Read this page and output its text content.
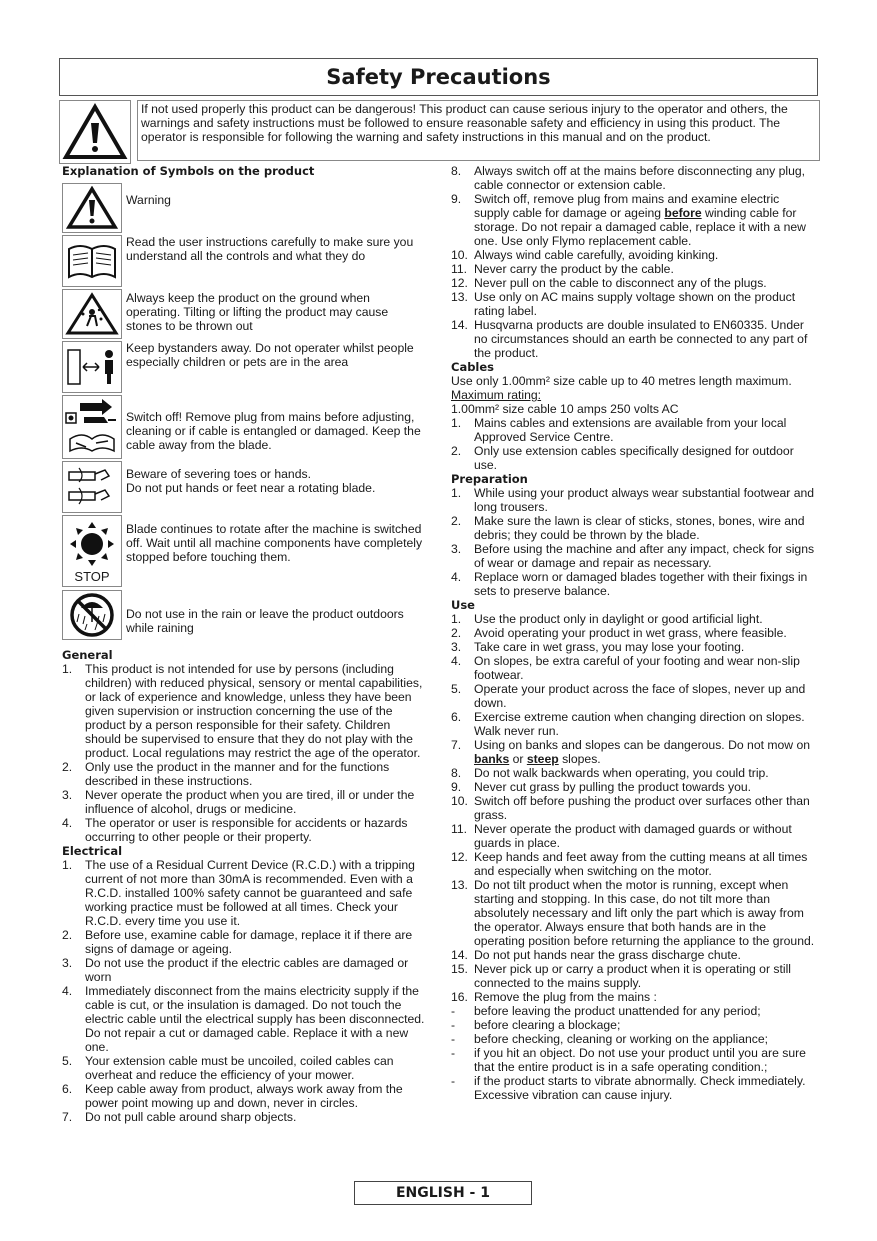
Safety Precautions
If not used properly this product can be dangerous! This product can cause serious injury to the operator and others, the warnings and safety instructions must be followed to ensure reasonable safety and efficiency in using this product. The operator is responsible for following the warning and safety instructions in this manual and on the product.
Explanation of Symbols on the product
Warning
Read the user instructions carefully to make sure you understand all the controls and what they do
Always keep the product on the ground when operating. Tilting or lifting the product may cause stones to be thrown out
Keep bystanders away. Do not operater whilst people especially children or pets are in the area
Switch off! Remove plug from mains before adjusting, cleaning or if cable is entangled or damaged. Keep the cable away from the blade.
Beware of severing toes or hands.
Do not put hands or feet near a rotating blade.
STOP
Blade continues to rotate after the machine is switched off. Wait until all machine components have completely stopped before touching them.
Do not use in the rain or leave the product outdoors while raining
General
1. This product is not intended for use by persons (including children) with reduced physical, sensory or mental capabilities, or lack of experience and knowledge, unless they have been given supervision or instruction concerning the use of the product by a person responsible for their safety. Children should be supervised to ensure that they do not play with the product. Local regulations may restrict the age of the operator.
2. Only use the product in the manner and for the functions described in these instructions.
3. Never operate the product when you are tired, ill or under the influence of alcohol, drugs or medicine.
4. The operator or user is responsible for accidents or hazards occurring to other people or their property.
Electrical
1. The use of a Residual Current Device (R.C.D.) with a tripping current of not more than 30mA is recommended. Even with a R.C.D. installed 100% safety cannot be guaranteed and safe working practice must be followed at all times. Check your R.C.D. every time you use it.
2. Before use, examine cable for damage, replace it if there are signs of damage or ageing.
3. Do not use the product if the electric cables are damaged or worn
4. Immediately disconnect from the mains electricity supply if the cable is cut, or the insulation is damaged. Do not touch the electric cable until the electrical supply has been disconnected. Do not repair a cut or damaged cable. Replace it with a new one.
5. Your extension cable must be uncoiled, coiled cables can overheat and reduce the efficiency of your mower.
6. Keep cable away from product, always work away from the power point mowing up and down, never in circles.
7. Do not pull cable around sharp objects.
8. Always switch off at the mains before disconnecting any plug, cable connector or extension cable.
9. Switch off, remove plug from mains and examine electric supply cable for damage or ageing before winding cable for storage. Do not repair a damaged cable, replace it with a new one. Use only Flymo replacement cable.
10. Always wind cable carefully, avoiding kinking.
11. Never carry the product by the cable.
12. Never pull on the cable to disconnect any of the plugs.
13. Use only on AC mains supply voltage shown on the product rating label.
14. Husqvarna products are double insulated to EN60335. Under no circumstances should an earth be connected to any part of the product.
Cables
Use only 1.00mm² size cable up to 40 metres length maximum.
Maximum rating:
1.00mm² size cable 10 amps 250 volts AC
1. Mains cables and extensions are available from your local Approved Service Centre.
2. Only use extension cables specifically designed for outdoor use.
Preparation
1. While using your product always wear substantial footwear and long trousers.
2. Make sure the lawn is clear of sticks, stones, bones, wire and debris; they could be thrown by the blade.
3. Before using the machine and after any impact, check for signs of wear or damage and repair as necessary.
4. Replace worn or damaged blades together with their fixings in sets to preserve balance.
Use
1. Use the product only in daylight or good artificial light.
2. Avoid operating your product in wet grass, where feasible.
3. Take care in wet grass, you may lose your footing.
4. On slopes, be extra careful of your footing and wear non-slip footwear.
5. Operate your product across the face of slopes, never up and down.
6. Exercise extreme caution when changing direction on slopes. Walk never run.
7. Using on banks and slopes can be dangerous. Do not mow on banks or steep slopes.
8. Do not walk backwards when operating, you could trip.
9. Never cut grass by pulling the product towards you.
10. Switch off before pushing the product over surfaces other than grass.
11. Never operate the product with damaged guards or without guards in place.
12. Keep hands and feet away from the cutting means at all times and especially when switching on the motor.
13. Do not tilt product when the motor is running, except when starting and stopping. In this case, do not tilt more than absolutely necessary and lift only the part which is away from the operator. Always ensure that both hands are in the operating position before returning the appliance to the ground.
14. Do not put hands near the grass discharge chute.
15. Never pick up or carry a product when it is operating or still connected to the mains supply.
16. Remove the plug from the mains :
- before leaving the product unattended for any period;
- before clearing a blockage;
- before checking, cleaning or working on the appliance;
- if you hit an object. Do not use your product until you are sure that the entire product is in a safe operating condition.;
- if the product starts to vibrate abnormally. Check immediately. Excessive vibration can cause injury.
ENGLISH - 1
